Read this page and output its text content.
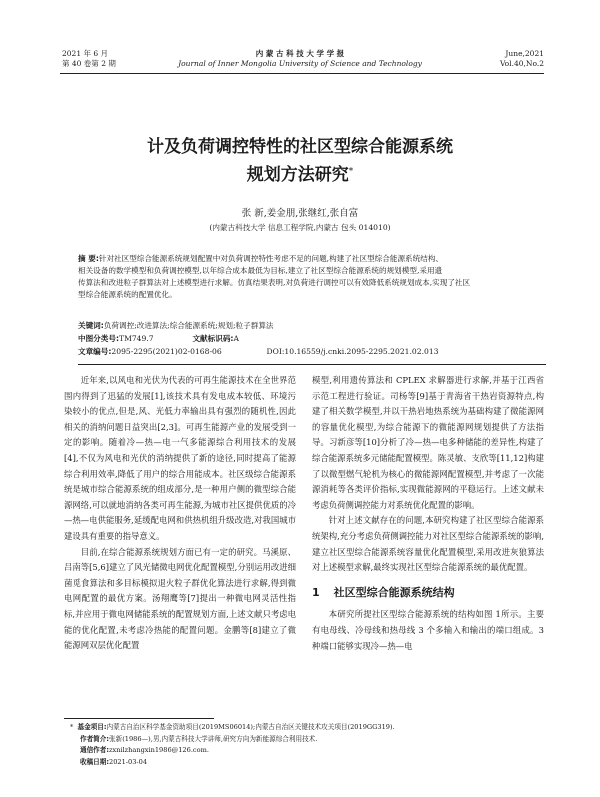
2021 年 6 月
第 40 卷第 2 期
内 蒙 古 科 技 大 学 学 报
Journal of Inner Mongolia University of Science and Technology
June,2021
Vol.40,No.2
计及负荷调控特性的社区型综合能源系统
规划方法研究*
张 新,姜金朋,张继红,张自富
(内蒙古科技大学 信息工程学院,内蒙古 包头 014010)
摘 要:针对社区型综合能源系统规划配置中对负荷调控特性考虑不足的问题,构建了社区型综合能源系统结构、
相关设备的数学模型和负荷调控模型,以年综合成本最低为目标,建立了社区型综合能源系统的规划模型,采用遗
传算法和改进粒子群算法对上述模型进行求解。仿真结果表明,对负荷进行调控可以有效降低系统规划成本,实现了社区
型综合能源系统的配置优化。
关键词:负荷调控;改进算法;综合能源系统;规划;粒子群算法
中图分类号:TM749.7	文献标识码:A
文章编号:2095-2295(2021)02-0168-06	DOI:10.16559/j.cnki.2095-2295.2021.02.013

近年来,以风电和光伏为代表的可再生能源技术在全世界范围内得到了迅猛的发展[1],该技术具有发电成本较低、环境污染较小的优点,但是,风、光低力率输出具有强烈的随机性,因此相关的消纳问题日益突出[2,3]。可再生能源产业的发展受到一定的影响。随着冷—热—电一气多能源综合利用技术的发展[4],不仅为风电和光伏的消纳提供了新的途径,同时提高了能源综合利用效率,降低了用户的综合用能成本。社区级综合能源系统是城市综合能源系统的组成部分,是一种用户侧的微型综合能源网络,可以就地消纳各类可再生能源,为城市社区提供优质的冷—热—电供能服务,延缓配电网和供热机组升级改造,对我国城市建设具有重要的指导意义。

目前,在综合能源系统规划方面已有一定的研究。马溪原、吕南等[5,6]建立了风光储微电网优化配置模型,分别运用改进细菌觅食算法和多目标模拟退火粒子群优化算法进行求解,得到微电网配置的最优方案。汤翔鹰等[7]提出一种微电网灵活性指标,并应用于微电网储能系统的配置规划方面,上述文献只考虑电能的优化配置,未考虑冷热能的配置问题。金鹏等[8]建立了微能源网双层优化配置

模型,利用遗传算法和 CPLEX 求解器进行求解,并基于江西省示范工程进行验证。司杨等[9]基于青海省干热岩资源特点,构建了相关数学模型,并以干热岩地热系统为基础构建了微能源网的容量优化模型,为综合能源下的微能源网规划提供了方法指导。习新彦等[10]分析了冷—热—电多种储能的差异性,构建了综合能源系统多元储能配置模型。陈灵敏、支欣等[11,12]构建了以微型燃气轮机为核心的微能源网配置模型,并考虑了一次能源消耗等各类评价指标,实现微能源网的平稳运行。上述文献未考虑负荷侧调控能力对系统优化配置的影响。

针对上述文献存在的问题,本研究构建了社区型综合能源系统架构,充分考虑负荷侧调控能力对社区型综合能源系统的影响,建立社区型综合能源系统容量优化配置模型,采用改进灰狼算法对上述模型求解,最终实现社区型综合能源系统的最优配置。

1 社区型综合能源系统结构

本研究所提社区型综合能源系统的结构如图 1所示。主要有电母线、冷母线和热母线 3 个多输入和输出的端口组成。3 种端口能够实现冷—热—电

* 基金项目:内蒙古自治区科学基金资助项目(2019MS06014);内蒙古自治区关键技术攻关项目(2019GG319).
作者简介:张新(1986—),男,内蒙古科技大学讲师,研究方向为新能源综合利用技术.
通信作者:zxnilzhangxin1986@126.com.
收稿日期:2021-03-04
